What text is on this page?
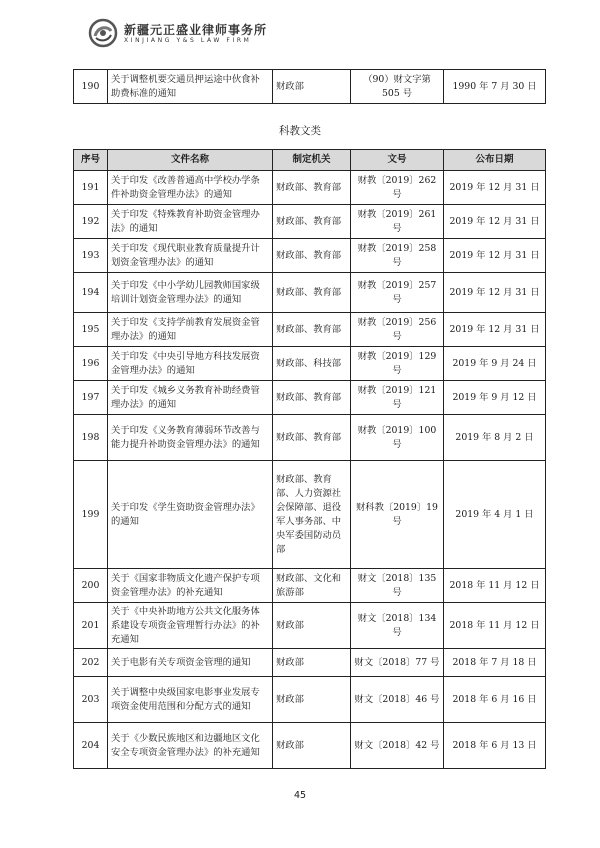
新疆元正盛业律师事务所
XINJIANG Y&S LAW FIRM
190	关于调整机要交通员押运途中伙食补助费标准的通知	财政部	（90）财文字第 505 号	1990 年 7 月 30 日
科教文类
序号	文件名称	制定机关	文号	公布日期
191	关于印发《改善普通高中学校办学条件补助资金管理办法》的通知	财政部、教育部	财教〔2019〕262 号	2019 年 12 月 31 日
192	关于印发《特殊教育补助资金管理办法》的通知	财政部、教育部	财教〔2019〕261 号	2019 年 12 月 31 日
193	关于印发《现代职业教育质量提升计划资金管理办法》的通知	财政部、教育部	财教〔2019〕258 号	2019 年 12 月 31 日
194	关于印发《中小学幼儿园教师国家级培训计划资金管理办法》的通知	财政部、教育部	财教〔2019〕257 号	2019 年 12 月 31 日
195	关于印发《支持学前教育发展资金管理办法》的通知	财政部、教育部	财教〔2019〕256 号	2019 年 12 月 31 日
196	关于印发《中央引导地方科技发展资金管理办法》的通知	财政部、科技部	财教〔2019〕129 号	2019 年 9 月 24 日
197	关于印发《城乡义务教育补助经费管理办法》的通知	财政部、教育部	财教〔2019〕121 号	2019 年 9 月 12 日
198	关于印发《义务教育薄弱环节改善与能力提升补助资金管理办法》的通知	财政部、教育部	财教〔2019〕100 号	2019 年 8 月 2 日
199	关于印发《学生资助资金管理办法》的通知	财政部、教育部、人力资源社会保障部、退役军人事务部、中央军委国防动员部	财科教〔2019〕19 号	2019 年 4 月 1 日
200	关于《国家非物质文化遗产保护专项资金管理办法》的补充通知	财政部、文化和旅游部	财文〔2018〕135 号	2018 年 11 月 12 日
201	关于《中央补助地方公共文化服务体系建设专项资金管理暂行办法》的补充通知	财政部	财文〔2018〕134 号	2018 年 11 月 12 日
202	关于电影有关专项资金管理的通知	财政部	财文〔2018〕77 号	2018 年 7 月 18 日
203	关于调整中央级国家电影事业发展专项资金使用范围和分配方式的通知	财政部	财文〔2018〕46 号	2018 年 6 月 16 日
204	关于《少数民族地区和边疆地区文化安全专项资金管理办法》的补充通知	财政部	财文〔2018〕42 号	2018 年 6 月 13 日
45
